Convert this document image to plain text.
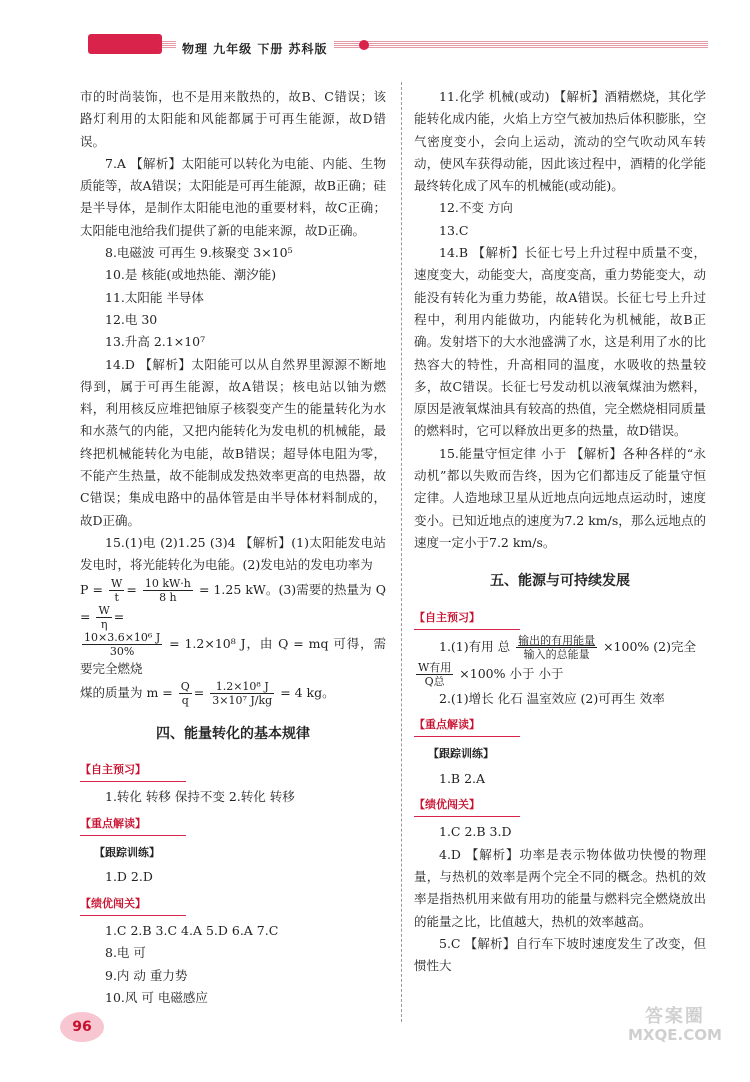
物理 九年级 下册 苏科版

市的时尚装饰，也不是用来散热的，故B、C错误；该路灯利用的太阳能和风能都属于可再生能源，故D错误。

7.A 【解析】太阳能可以转化为电能、内能、生物质能等，故A错误；太阳能是可再生能源，故B正确；硅是半导体，是制作太阳能电池的重要材料，故C正确；太阳能电池给我们提供了新的电能来源，故D正确。

8.电磁波 可再生 9.核聚变 3×10⁵

10.是 核能(或地热能、潮汐能)

11.太阳能 半导体

12.电 30

13.升高 2.1×10⁷

14.D 【解析】太阳能可以从自然界里源源不断地得到，属于可再生能源，故A错误；核电站以铀为燃料，利用核反应堆把铀原子核裂变产生的能量转化为水和水蒸气的内能，又把内能转化为发电机的机械能，最终把机械能转化为电能，故B错误；超导体电阻为零，不能产生热量，故不能制成发热效率更高的电热器，故C错误；集成电路中的晶体管是由半导体材料制成的，故D正确。

15.(1)电 (2)1.25 (3)4 【解析】(1)太阳能发电站发电时，将光能转化为电能。(2)发电站的发电功率为

$P = \frac{W}{t} = \frac{10 kW\cdot h}{8 h} = 1.25$ kW。(3)需要的热量为 $Q = \frac{W}{\eta}$ =

$\frac{\text{10×3.6×10⁶ J}}{30\%} = 1.2\times 10^8$ J，由 Q = mq 可得，需要完全燃烧

煤的质量为 $m = \frac{Q}{q} = \frac{\text{1.2×10⁸ J}}{\text{3×10⁷ J/kg}} = 4$ kg。

四、能量转化的基本规律
【自主预习】

1.转化 转移 保持不变 2.转化 转移

【重点解读】
【跟踪训练】

1.D 2.D

【绩优闯关】

1.C 2.B 3.C 4.A 5.D 6.A 7.C

8.电 可

9.内 动 重力势

10.风 可 电磁感应

11.化学 机械(或动) 【解析】酒精燃烧，其化学能转化成内能，火焰上方空气被加热后体积膨胀，空气密度变小，会向上运动，流动的空气吹动风车转动，使风车获得动能，因此该过程中，酒精的化学能最终转化成了风车的机械能(或动能)。

12.不变 方向

13.C

14.B 【解析】长征七号上升过程中质量不变，速度变大，动能变大，高度变高，重力势能变大，动能没有转化为重力势能，故A错误。长征七号上升过程中，利用内能做功，内能转化为机械能，故B正确。发射塔下的大水池盛满了水，这是利用了水的比热容大的特性，升高相同的温度，水吸收的热量较多，故C错误。长征七号发动机以液氧煤油为燃料，原因是液氧煤油具有较高的热值，完全燃烧相同质量的燃料时，它可以释放出更多的热量，故D错误。

15.能量守恒定律 小于 【解析】各种各样的“永动机”都以失败而告终，因为它们都违反了能量守恒定律。人造地球卫星从近地点向远地点运动时，速度变小。已知近地点的速度为7.2 km/s，那么远地点的速度一定小于7.2 km/s。

五、能源与可持续发展
【自主预习】

1.(1)有用 总 $\frac{\text{输出的有用能量}}{\text{输入的总能量}} \times 100\%$ (2)完全

$\frac{\text{W有用}}{\text{Q总}} \times 100\%$ 小于 小于

2.(1)增长 化石 温室效应 (2)可再生 效率

【重点解读】
【跟踪训练】

1.B 2.A

【绩优闯关】

1.C 2.B 3.D

4.D 【解析】功率是表示物体做功快慢的物理量，与热机的效率是两个完全不同的概念。热机的效率是指热机用来做有用功的能量与燃料完全燃烧放出的能量之比，比值越大，热机的效率越高。

5.C 【解析】自行车下坡时速度发生了改变，但惯性大

96	答案圈
MXQE.COM
